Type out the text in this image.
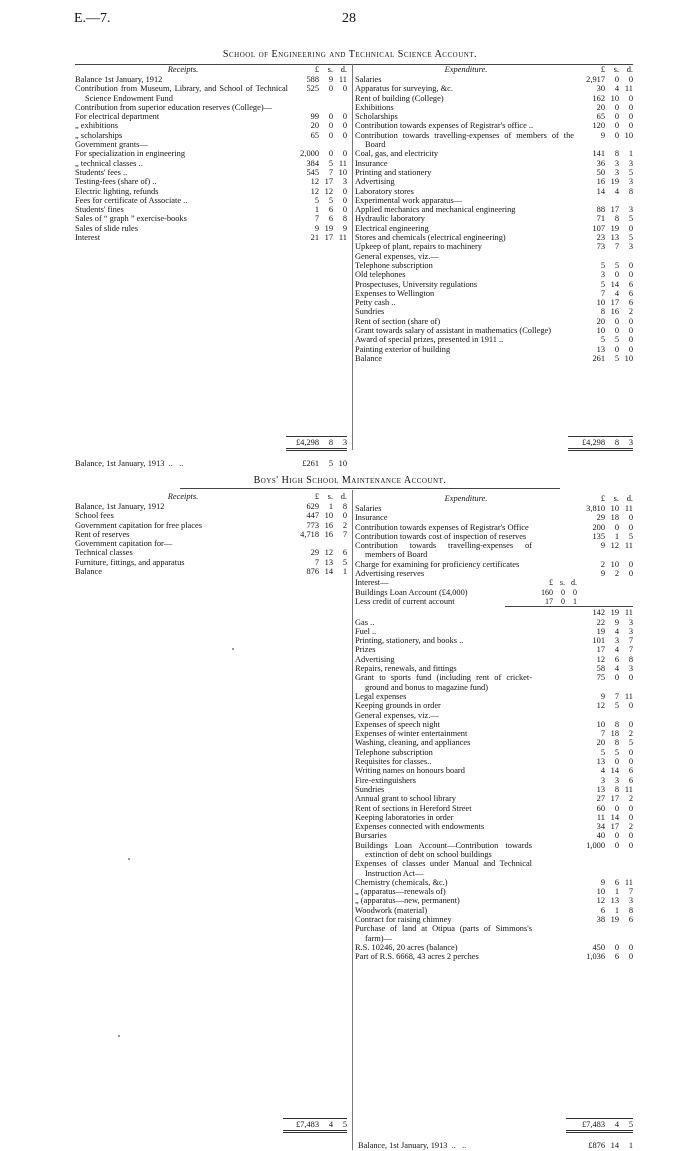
E.—7.	28
School of Engineering and Technical Science Account.
Receipts.	£	s. d.
Balance 1st January, 1912	588	9 11
Contribution from Museum, Library, and School of Technical Science Endowment Fund
525	0	0
Contribution from superior education reserves (College)—
For electrical department	99	0	0
„ exhibitions	20	0	0
„ scholarships	65	0	0
Government grants—
For specialization in engineering	2,000	0	0
„ technical classes ..	384	5 11
Students' fees ..	545	7 10
Testing-fees (share of) ..	12 17	3
Electric lighting, refunds	12 12	0
Fees for certificate of Associate ..	5	5	0
Students' fines	1	6	0
Sales of “ graph ” exercise-books	7	6	8
Sales of slide rules	9 19	9
Interest	21 17 11
Expenditure.	£	s. d.
Salaries	2,917	0	0
Apparatus for surveying, &c.	30	4 11
Rent of building (College)	162 10	0
Exhibitions	20	0	0
Scholarships	65	0	0
Contribution towards expenses of Registrar's office ..	120	0	0
Contribution towards travelling-expenses of members of the Board
9	0 10
Coal, gas, and electricity	141	8	1
Insurance	36	3	3
Printing and stationery	50	3	5
Advertising	16 19	3
Laboratory stores	14	4	8
Experimental work apparatus—
Applied mechanics and mechanical engineering	88 17	3
Hydraulic laboratory	71	8	5
Electrical engineering	107 19	0
Stores and chemicals (electrical engineering)	23 13	5
Upkeep of plant, repairs to machinery	73	7	3
General expenses, viz.—
Telephone subscription	5	5	0
Old telephones	3	0	0
Prospectuses, University regulations	5 14	6
Expenses to Wellington	7	4	6
Petty cash ..	10 17	6
Sundries	8 16	2
Rent of section (share of)	20	0	0
Grant towards salary of assistant in mathematics (College)	10	0	0
Award of special prizes, presented in 1911 ..	5	5	0
Painting exterior of building	13	0	0
Balance	261	5 10
£4,298	8	3	£4,298	8	3
Balance, 1st January, 1913 ..   ..	£261	5 10
Boys' High School Maintenance Account.
Receipts.	£	s. d.
Balance, 1st January, 1912	629	1	8
School fees	447 10	0
Government capitation for free places	773 16	2
Rent of reserves	4,718 16	7
Government capitation for—
Technical classes	29 12	6
Furniture, fittings, and apparatus	7 13	5
Balance	876 14	1
Expenditure.	£	s. d.
Salaries	3,810 10 11
Insurance	29 18	0
Contribution towards expenses of Registrar's Office	200	0	0
Contribution towards cost of inspection of reserves	135	1	5
Contribution towards travelling-expenses of members of Board
9 12 11
Charge for examining for proficiency certificates	2 10	0
Advertising reserves	9	2	0
Interest—	£ s. d.
Buildings Loan Account (£4,000)	160	0	0
Less credit of current account	17	0	1
142 19 11
Gas ..	22	9	3
Fuel ..	19	4	3
Printing, stationery, and books ..	101	3	7
Prizes	17	4	7
Advertising	12	6	8
Repairs, renewals, and fittings	58	4	3
Grant to sports fund (including rent of cricket-ground and bonus to magazine fund)
75	0	0
Legal expenses	9	7 11
Keeping grounds in order	12	5	0
General expenses, viz.—
Expenses of speech night	10	8	0
Expenses of winter entertainment	7 18	2
Washing, cleaning, and appliances	20	8	5
Telephone subscription	5	5	0
Requisites for classes..	13	0	0
Writing names on honours board	4 14	6
Fire-extinguishers	3	3	6
Sundries	13	8 11
Annual grant to school library	27 17	2
Rent of sections in Hereford Street	60	0	0
Keeping laboratories in order	11 14	0
Expenses connected with endowments	34 17	2
Bursaries	40	0	0
Buildings Loan Account—Contribution towards extinction of debt on school buildings
1,000	0	0
Expenses of classes under Manual and Technical Instruction Act—
Chemistry (chemicals, &c.)	9	6 11
„ (apparatus—renewals of)	10	1	7
„ (apparatus—new, permanent)	12 13	3
Woodwork (material)	6	1	8
Contract for raising chimney	38 19	6
Purchase of land at Otipua (parts of Simmons's farm)—
R.S. 10246, 20 acres (balance)	450	0	0
Part of R.S. 6668, 43 acres 2 perches	1,036	6	0
£7,483	4	5	£7,483	4	5
Balance, 1st January, 1913 ..   ..	£876 14	1
